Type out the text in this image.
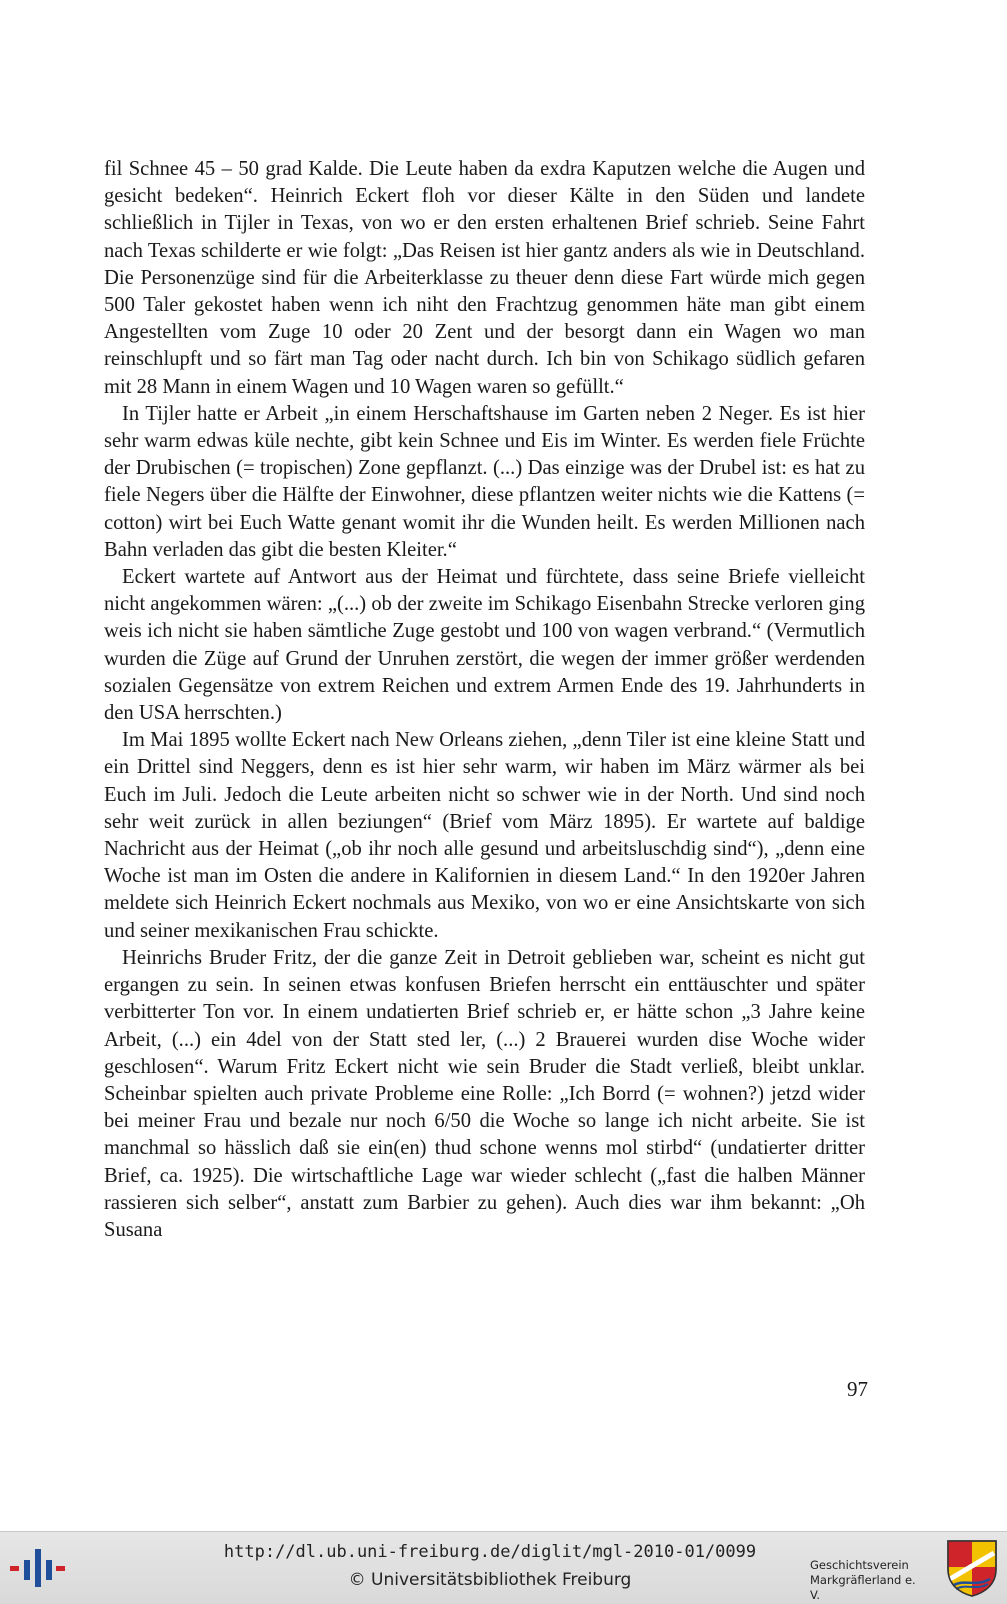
fil Schnee 45 – 50 grad Kalde. Die Leute haben da exdra Kaputzen welche die Augen und gesicht bedeken“. Heinrich Eckert floh vor dieser Kälte in den Süden und landete schließlich in Tijler in Texas, von wo er den ersten erhaltenen Brief schrieb. Seine Fahrt nach Texas schilderte er wie folgt: „Das Reisen ist hier gantz anders als wie in Deutschland. Die Personenzüge sind für die Arbeiterklasse zu theuer denn diese Fart würde mich gegen 500 Taler gekostet haben wenn ich niht den Frachtzug genommen häte man gibt einem Angestellten vom Zuge 10 oder 20 Zent und der besorgt dann ein Wagen wo man reinschlupft und so färt man Tag oder nacht durch. Ich bin von Schikago südlich gefaren mit 28 Mann in einem Wagen und 10 Wagen waren so gefüllt.“

In Tijler hatte er Arbeit „in einem Herschaftshause im Garten neben 2 Neger. Es ist hier sehr warm edwas küle nechte, gibt kein Schnee und Eis im Winter. Es werden fiele Früchte der Drubischen (= tropischen) Zone gepflanzt. (...) Das einzige was der Drubel ist: es hat zu fiele Negers über die Hälfte der Einwohner, diese pflantzen weiter nichts wie die Kattens (= cotton) wirt bei Euch Watte genant womit ihr die Wunden heilt. Es werden Millionen nach Bahn verladen das gibt die besten Kleiter.“

Eckert wartete auf Antwort aus der Heimat und fürchtete, dass seine Briefe vielleicht nicht angekommen wären: „(...) ob der zweite im Schikago Eisenbahn Strecke verloren ging weis ich nicht sie haben sämtliche Zuge gestobt und 100 von wagen verbrand.“ (Vermutlich wurden die Züge auf Grund der Unruhen zerstört, die wegen der immer größer werdenden sozialen Gegensätze von extrem Reichen und extrem Armen Ende des 19. Jahrhunderts in den USA herrschten.)

Im Mai 1895 wollte Eckert nach New Orleans ziehen, „denn Tiler ist eine kleine Statt und ein Drittel sind Neggers, denn es ist hier sehr warm, wir haben im März wärmer als bei Euch im Juli. Jedoch die Leute arbeiten nicht so schwer wie in der North. Und sind noch sehr weit zurück in allen beziungen“ (Brief vom März 1895). Er wartete auf baldige Nachricht aus der Heimat („ob ihr noch alle gesund und arbeitsluschdig sind“), „denn eine Woche ist man im Osten die andere in Kalifornien in diesem Land.“ In den 1920er Jahren meldete sich Heinrich Eckert nochmals aus Mexiko, von wo er eine Ansichtskarte von sich und seiner mexikanischen Frau schickte.

Heinrichs Bruder Fritz, der die ganze Zeit in Detroit geblieben war, scheint es nicht gut ergangen zu sein. In seinen etwas konfusen Briefen herrscht ein enttäuschter und später verbitterter Ton vor. In einem undatierten Brief schrieb er, er hätte schon „3 Jahre keine Arbeit, (...) ein 4del von der Statt sted ler, (...) 2 Brauerei wurden dise Woche wider geschlosen“. Warum Fritz Eckert nicht wie sein Bruder die Stadt verließ, bleibt unklar. Scheinbar spielten auch private Probleme eine Rolle: „Ich Borrd (= wohnen?) jetzd wider bei meiner Frau und bezale nur noch 6/50 die Woche so lange ich nicht arbeite. Sie ist manchmal so hässlich daß sie ein(en) thud schone wenns mol stirbd“ (undatierter dritter Brief, ca. 1925). Die wirtschaftliche Lage war wieder schlecht („fast die halben Männer rassieren sich selber“, anstatt zum Barbier zu gehen). Auch dies war ihm bekannt: „Oh Susana

97
http://dl.ub.uni-freiburg.de/diglit/mgl-2010-01/0099
© Universitätsbibliothek Freiburg
Geschichtsverein
Markgräflerland e. V.
